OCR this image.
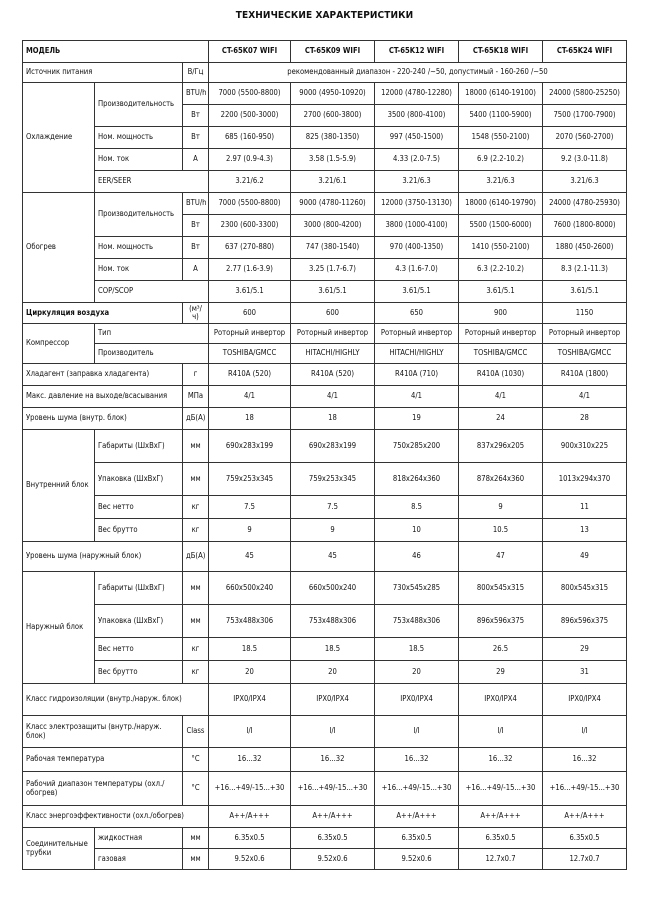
ТЕХНИЧЕСКИЕ ХАРАКТЕРИСТИКИ
МОДЕЛЬ			CT-65K07 WIFI	CT-65K09 WIFI	CT-65K12 WIFI	CT-65K18 WIFI	CT-65K24 WIFI
Источник питания		В/Гц	рекомендованный диапазон - 220-240 /~50, допустимый - 160-260 /~50				
Охлаждение	Производительность	BTU/h	7000 (5500-8800)	9000 (4950-10920)	12000 (4780-12280)	18000 (6140-19100)	24000 (5800-25250)
		Вт	2200 (500-3000)	2700 (600-3800)	3500 (800-4100)	5400 (1100-5900)	7500 (1700-7900)
	Ном. мощность	Вт	685 (160-950)	825 (380-1350)	997 (450-1500)	1548 (550-2100)	2070 (560-2700)
	Ном. ток	A	2.97 (0.9-4.3)	3.58 (1.5-5.9)	4.33 (2.0-7.5)	6.9 (2.2-10.2)	9.2 (3.0-11.8)
	EER/SEER		3.21/6.2	3.21/6.1	3.21/6.3	3.21/6.3	3.21/6.3

Обогрев	Производительность	BTU/h	7000 (5500-8800)	9000 (4780-11260)	12000 (3750-13130)	18000 (6140-19790)	24000 (4780-25930)
		Вт	2300 (600-3300)	3000 (800-4200)	3800 (1000-4100)	5500 (1500-6000)	7600 (1800-8000)
	Ном. мощность	Вт	637 (270-880)	747 (380-1540)	970 (400-1350)	1410 (550-2100)	1880 (450-2600)
	Ном. ток	A	2.77 (1.6-3.9)	3.25 (1.7-6.7)	4.3 (1.6-7.0)	6.3 (2.2-10.2)	8.3 (2.1-11.3)
	COP/SCOP		3.61/5.1	3.61/5.1	3.61/5.1	3.61/5.1	3.61/5.1
Циркуляция воздуха		(м³/ч)	600	600	650	900	1150
Компрессор	Тип		Роторный инвертор	Роторный инвертор	Роторный инвертор	Роторный инвертор	Роторный инвертор
	Производитель		TOSHIBA/GMCC	HITACHI/HIGHLY	HITACHI/HIGHLY	TOSHIBA/GMCC	TOSHIBA/GMCC
Хладагент (заправка хладагента)		г	R410A (520)	R410A (520)	R410A (710)	R410A (1030)	R410A (1800)
Макс. давление на выходе/всасывания		МПа	4/1	4/1	4/1	4/1	4/1
Уровень шума (внутр. блок)		дБ(А)	18	18	19	24	28
Внутренний блок	Габариты (ШхВхГ)	мм	690x283x199	690x283x199	750x285x200	837x296x205	900x310x225
	Упаковка (ШхВхГ)	мм	759x253x345	759x253x345	818x264x360	878x264x360	1013x294x370
	Вес нетто	кг	7.5	7.5	8.5	9	11
	Вес брутто	кг	9	9	10	10.5	13
Уровень шума (наружный блок)		дБ(А)	45	45	46	47	49
Наружный блок	Габариты (ШхВхГ)	мм	660x500x240	660x500x240	730x545x285	800x545x315	800x545x315
	Упаковка (ШхВхГ)	мм	753x488x306	753x488x306	753x488x306	896x596x375	896x596x375
	Вес нетто	кг	18.5	18.5	18.5	26.5	29
	Вес брутто	кг	20	20	20	29	31
Класс гидроизоляции (внутр./наруж. блок)			IPX0/IPX4	IPX0/IPX4	IPX0/IPX4	IPX0/IPX4	IPX0/IPX4
Класс электрозащиты (внутр./наруж. блок)		Class	I/I	I/I	I/I	I/I	I/I
Рабочая температура		°C	16...32	16...32	16...32	16...32	16...32
Рабочий диапазон температуры (охл./обогрев)		°C	+16...+49/-15...+30	+16...+49/-15...+30	+16...+49/-15...+30	+16...+49/-15...+30	+16...+49/-15...+30
Класс энергоэффективности (охл./обогрев)			A++/A+++	A++/A+++	A++/A+++	A++/A+++	A++/A+++
Соединительные трубки	жидкостная	мм	6.35x0.5	6.35x0.5	6.35x0.5	6.35x0.5	6.35x0.5
	газовая	мм	9.52x0.6	9.52x0.6	9.52x0.6	12.7x0.7	12.7x0.7
